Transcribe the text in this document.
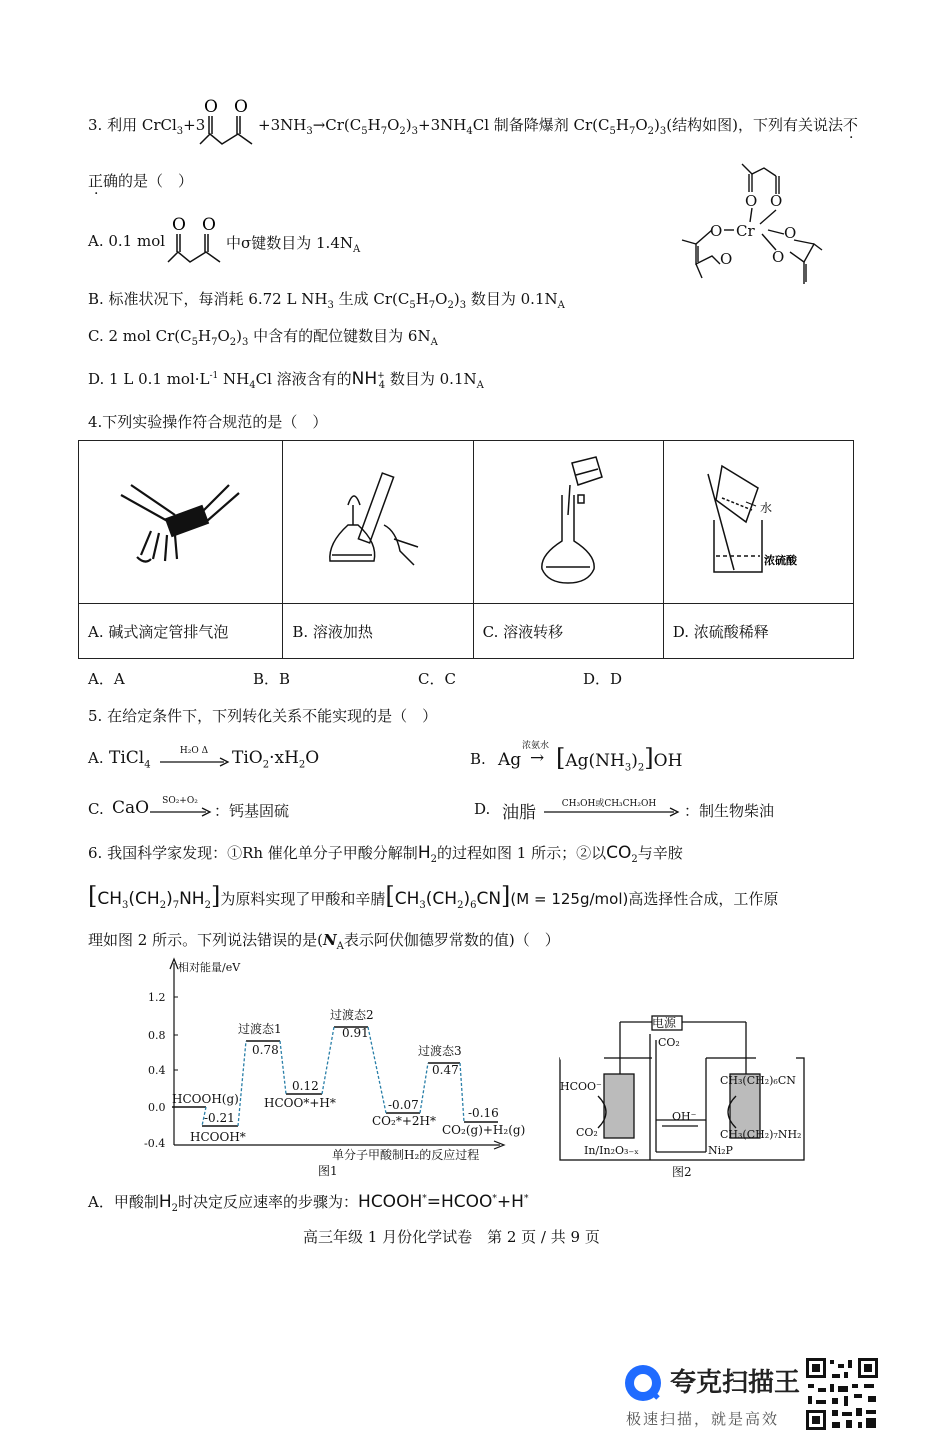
3. 利用 CrCl$_3$+3
O O
$+3NH_3\to Cr(C_5H_7O_2)_3+3NH_4Cl$ 制备降爆剂 $Cr(C_5H_7O_2)_3$(结构如图)，下列有关说法不
正确的是（　）
O O
O Cr O
O	O
A. 0.1 mol
O O
中σ键数目为 $1.4N_A$
B. 标准状况下，每消耗 6.72 L $NH_3$ 生成 $Cr(C_5H_7O_2)_3$ 数目为 $0.1N_A$
C. 2 mol $Cr(C_5H_7O_2)_3$ 中含有的配位键数目为 $6N_A$
D. 1 L 0.1 $mol\cdot L^{-1}$ $NH_4Cl$ 溶液含有的$NH^+_4$ 数目为 $0.1N_A$
4.下列实验操作符合规范的是（　）

水
浓硫酸

A. 碱式滴定管排气泡	B. 溶液加热	C. 溶液转移	D. 浓硫酸稀释
A．A	B．B	C．C	D．D
5. 在给定条件下，下列转化关系不能实现的是（　）
A. TiCl$_4$
H₂O Δ	$TiO_2\cdot xH_2O$	B. Ag
浓氨水
→ $[Ag(NH_3)_2]OH$
C. CaO	SO₂+O₂
：钙基固硫	D. 油脂	CH₃OH或CH₃CH₂OH	：制生物柴油
6. 我国科学家发现：①Rh 催化单分子甲酸分解制$H_2$的过程如图 1 所示；②以$CO_2$与辛胺
$[CH_3(CH_2)_7NH_2]$为原料实现了甲酸和辛腈$[CH_3(CH_2)_6CN](M = 125g/mol)$高选择性合成，工作原
理如图 2 所示。下列说法错误的是($N_A$表示阿伏伽德罗常数的值)（　）
相对能量/eV
1.2
0.8
0.4
0.0
-0.4
HCOOH(g)
-0.21
HCOOH*
过渡态1
0.78
0.12
HCOO*+H*
过渡态2
0.91
-0.07
CO₂*+2H*
过渡态3
0.47
-0.16
CO₂(g)+H₂(g)
单分子甲酸制H₂的反应过程
图1
电源
CO₂
HCOO⁻
CO₂
In/In₂O₃₋ₓ
OH⁻
CH₃(CH₂)₆CN
CH₃(CH₂)₇NH₂
Ni₂P
图2
A．甲酸制$H_2$时决定反应速率的步骤为：HCOOH*=HCOO*+H*
高三年级 1 月份化学试卷　第 2 页 / 共 9 页
夸克扫描王
极速扫描，就是高效
